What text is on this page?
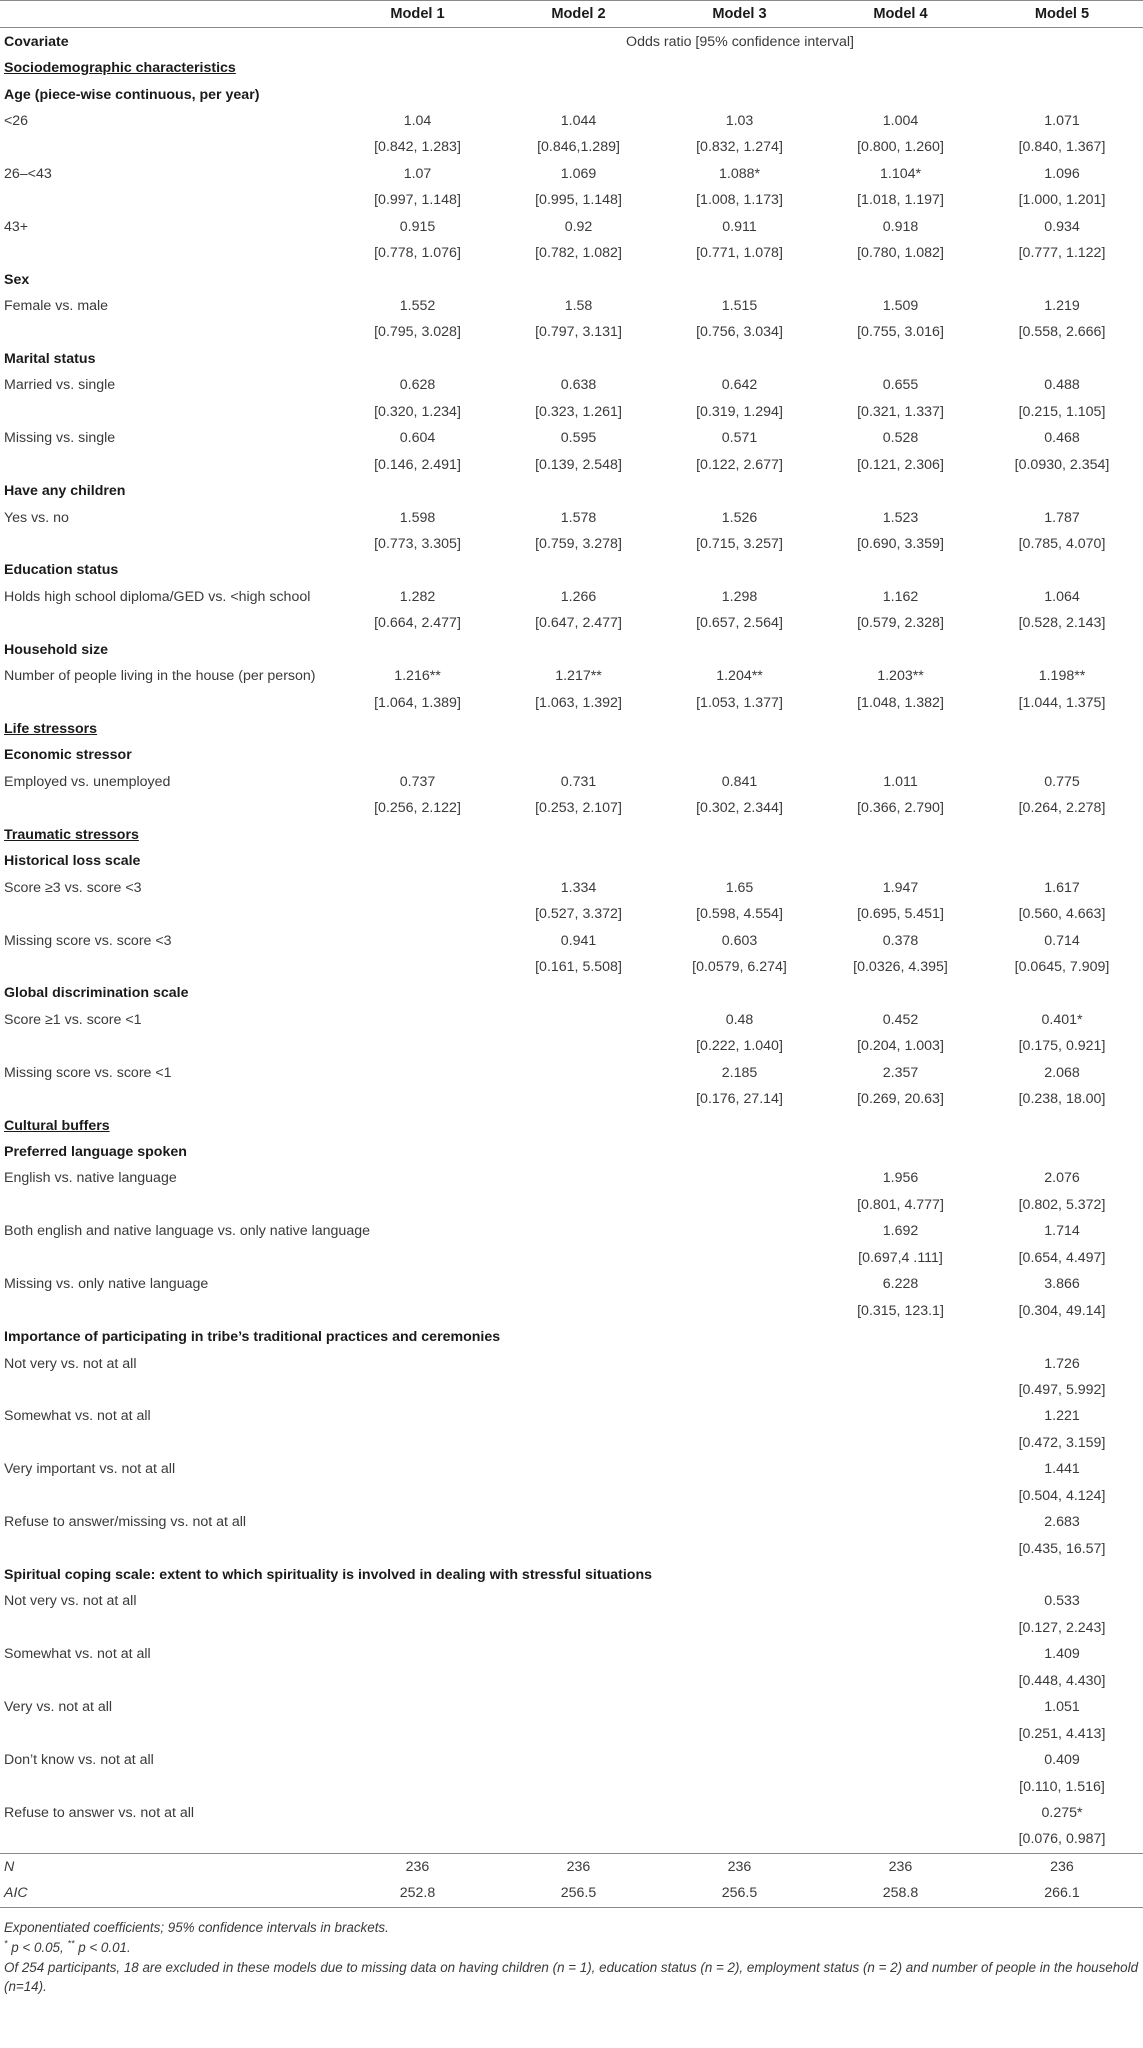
	Model 1	Model 2	Model 3	Model 4	Model 5
Covariate	Odds ratio [95% confidence interval]				
Sociodemographic characteristics					
Age (piece-wise continuous, per year)					
<26	1.04	1.044	1.03	1.004	1.071
	[0.842, 1.283]	[0.846,1.289]	[0.832, 1.274]	[0.800, 1.260]	[0.840, 1.367]
26–<43	1.07	1.069	1.088*	1.104*	1.096
	[0.997, 1.148]	[0.995, 1.148]	[1.008, 1.173]	[1.018, 1.197]	[1.000, 1.201]
43+	0.915	0.92	0.911	0.918	0.934
	[0.778, 1.076]	[0.782, 1.082]	[0.771, 1.078]	[0.780, 1.082]	[0.777, 1.122]
Sex					
Female vs. male	1.552	1.58	1.515	1.509	1.219
	[0.795, 3.028]	[0.797, 3.131]	[0.756, 3.034]	[0.755, 3.016]	[0.558, 2.666]
Marital status					
Married vs. single	0.628	0.638	0.642	0.655	0.488
	[0.320, 1.234]	[0.323, 1.261]	[0.319, 1.294]	[0.321, 1.337]	[0.215, 1.105]
Missing vs. single	0.604	0.595	0.571	0.528	0.468
	[0.146, 2.491]	[0.139, 2.548]	[0.122, 2.677]	[0.121, 2.306]	[0.0930, 2.354]
Have any children					
Yes vs. no	1.598	1.578	1.526	1.523	1.787
	[0.773, 3.305]	[0.759, 3.278]	[0.715, 3.257]	[0.690, 3.359]	[0.785, 4.070]
Education status					
Holds high school diploma/GED vs. <high school	1.282	1.266	1.298	1.162	1.064
	[0.664, 2.477]	[0.647, 2.477]	[0.657, 2.564]	[0.579, 2.328]	[0.528, 2.143]
Household size					
Number of people living in the house (per person)	1.216**	1.217**	1.204**	1.203**	1.198**
	[1.064, 1.389]	[1.063, 1.392]	[1.053, 1.377]	[1.048, 1.382]	[1.044, 1.375]
Life stressors					
Economic stressor					
Employed vs. unemployed	0.737	0.731	0.841	1.011	0.775
	[0.256, 2.122]	[0.253, 2.107]	[0.302, 2.344]	[0.366, 2.790]	[0.264, 2.278]
Traumatic stressors					
Historical loss scale					
Score ≥3 vs. score <3		1.334	1.65	1.947	1.617
		[0.527, 3.372]	[0.598, 4.554]	[0.695, 5.451]	[0.560, 4.663]
Missing score vs. score <3		0.941	0.603	0.378	0.714
		[0.161, 5.508]	[0.0579, 6.274]	[0.0326, 4.395]	[0.0645, 7.909]
Global discrimination scale					
Score ≥1 vs. score <1			0.48	0.452	0.401*
			[0.222, 1.040]	[0.204, 1.003]	[0.175, 0.921]
Missing score vs. score <1			2.185	2.357	2.068
			[0.176, 27.14]	[0.269, 20.63]	[0.238, 18.00]
Cultural buffers					
Preferred language spoken					
English vs. native language				1.956	2.076
				[0.801, 4.777]	[0.802, 5.372]
Both english and native language vs. only native language				1.692	1.714
				[0.697,4 .111]	[0.654, 4.497]
Missing vs. only native language				6.228	3.866
				[0.315, 123.1]	[0.304, 49.14]
Importance of participating in tribe’s traditional practices and ceremonies					
Not very vs. not at all					1.726
					[0.497, 5.992]
Somewhat vs. not at all					1.221
					[0.472, 3.159]
Very important vs. not at all					1.441
					[0.504, 4.124]
Refuse to answer/missing vs. not at all					2.683
					[0.435, 16.57]
Spiritual coping scale: extent to which spirituality is involved in dealing with stressful situations					
Not very vs. not at all					0.533
					[0.127, 2.243]
Somewhat vs. not at all					1.409
					[0.448, 4.430]
Very vs. not at all					1.051
					[0.251, 4.413]
Don’t know vs. not at all					0.409
					[0.110, 1.516]
Refuse to answer vs. not at all					0.275*
					[0.076, 0.987]
N	236	236	236	236	236
AIC	252.8	256.5	256.5	258.8	266.1
Exponentiated coefficients; 95% confidence intervals in brackets.
* p < 0.05, ** p < 0.01.
Of 254 participants, 18 are excluded in these models due to missing data on having children (n = 1), education status (n = 2), employment status (n = 2) and number of people in the household (n=14).
